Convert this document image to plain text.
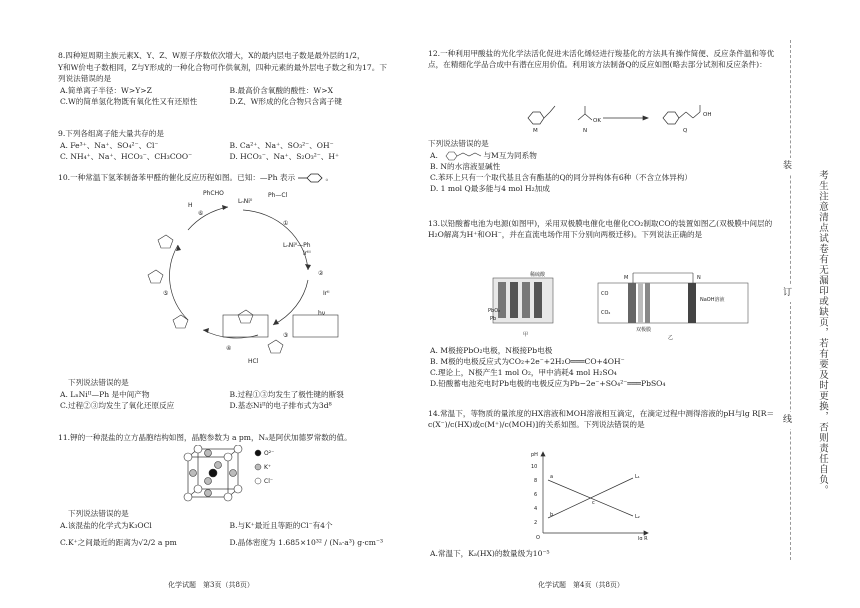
8.四种短周期主族元素X、Y、Z、W原子序数依次增大，X的最内层电子数是最外层的1/2，

Y和W价电子数相同，Z与Y形成的一种化合物可作供氧剂，四种元素的最外层电子数之和为17。下列说法错误的是

A.简单离子半径：W>Y>Z	B.最高价含氧酸的酸性：W>X
C.W的简单氢化物既有氧化性又有还原性	D.Z、W形成的化合物只含离子键

9.下列各组离子能大量共存的是

A. Fe³⁺、Na⁺、SO₄²⁻、Cl⁻	B. Ca²⁺、Na⁺、SO₃²⁻、OH⁻
C. NH₄⁺、Na⁺、HCO₃⁻、CH₃COO⁻	D. HCO₃⁻、Na⁺、S₂O₃²⁻、H⁺

10.一种常温下氢苯制备苯甲醛的催化反应历程如图。已知：—Ph 表示	。

①
②
③
④
⑤
⑥
LₙNi⁰
Ph—Cl
LₙNiᴵᴵ—Ph
Irᴵᴵᴵ
Irᴵᴵ
hν
HCl
PhCHO
H

下列说法错误的是

A. LₙNiᴵᴵ—Ph 是中间产物	B.过程①③均发生了极性键的断裂
C.过程②③均发生了氧化还原反应	D.基态Niᴵᴵ的电子排布式为3d⁸

11.钾的一种混盐的立方晶胞结构如图，晶胞参数为 a pm，Nₐ是阿伏加德罗常数的值。

O²⁻
K⁺
Cl⁻

下列说法错误的是

A.该混盐的化学式为K₃OCl	B.与K⁺最近且等距的Cl⁻有4个
C.K⁺之间最近的距离为√2/2 a pm	D.晶体密度为 1.685×10³² / (Nₐ·a³) g·cm⁻³
化学试题　第3页（共8页）

12.一种利用甲酸盐的光化学法活化促进未活化烯烃进行羧基化的方法具有操作简便、反应条件温和等优点，在精细化学品合成中有潜在应用价值。利用该方法制备Q的反应如图(略去部分试剂和反应条件)：

M
OK
N	Q
OH

下列说法错误的是

A.　　　　　　与M互为同系物

B. N的水溶液显碱性

C.苯环上只有一个取代基且含有酯基的Q的同分异构体有6种（不含立体异构）

D. 1 mol Q最多能与4 mol H₂加成

13.以铅酸蓄电池为电源(如图甲)，采用双极膜电催化电催化CO₂制取CO的装置如图乙(双极膜中间层的H₂O解离为H⁺和OH⁻，并在直流电场作用下分别向两极迁移)。下列说法正确的是

稀硫酸
PbO₂
Pb
甲
M	N
CO
CO₂
NaOH溶液
双极膜
乙

A. M极接PbO₂电极，N极接Pb电极

B. M极的电极反应式为CO₂+2e⁻+2H₂O═══CO+4OH⁻

C.理论上，N极产生1 mol O₂，甲中消耗4 mol H₂SO₄

D.铅酸蓄电池充电时Pb电极的电极反应为Pb−2e⁻+SO₄²⁻═══PbSO₄

14.常温下，等物质的量浓度的HX溶液和MOH溶液相互滴定，在滴定过程中测得溶液的pH与lg R[R＝c(X⁻)/c(HX)或c(M⁺)/c(MOH)]的关系如图。下列说法错误的是

pH
10
8
6
4
2
O	lg R
L₁
L₂
a
b
c

A.常温下，Kₐ(HX)的数量级为10⁻⁵

化学试题　第4页（共8页）
装
订
线	考生注意清点试卷有无漏印或缺页，若有要及时更换，否则责任自负。
